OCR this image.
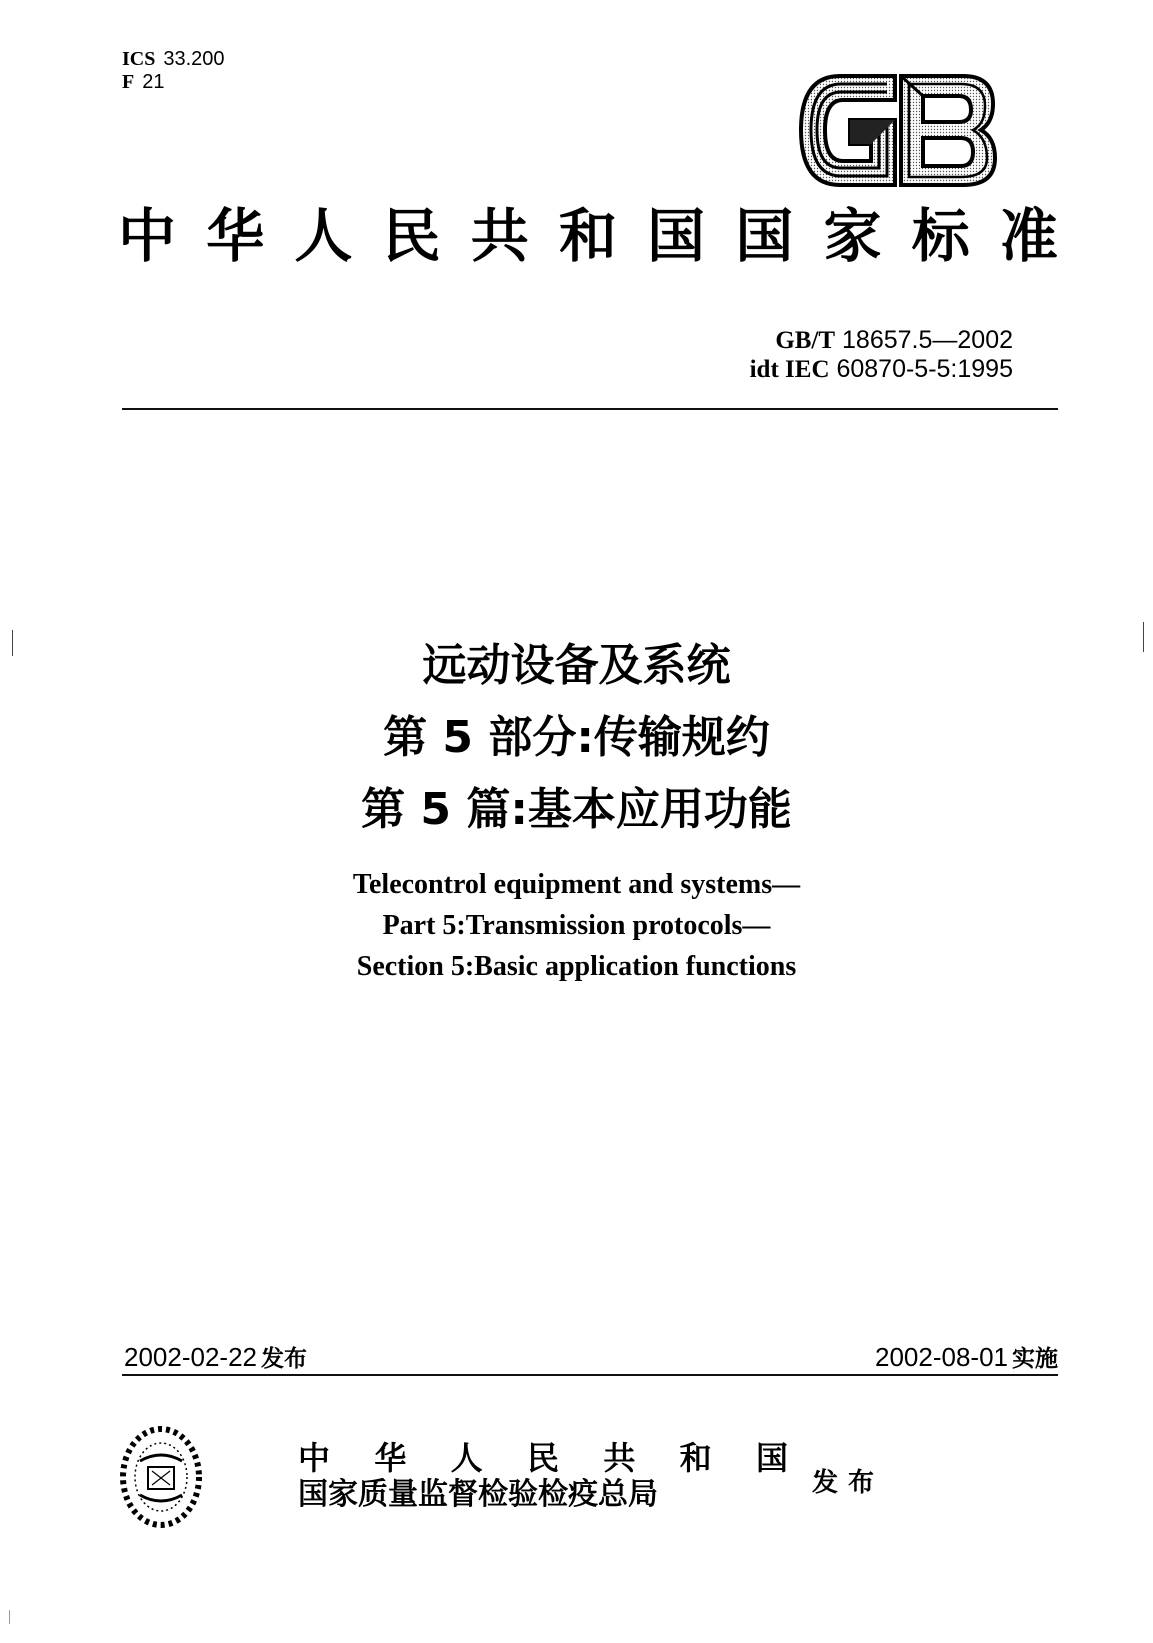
ICS 33.200
F 21
中 华 人 民 共 和 国 国 家 标 准
GB/T 18657.5—2002
idt IEC 60870-5-5:1995
远动设备及系统
第 5 部分:传输规约
第 5 篇:基本应用功能
Telecontrol equipment and systems—
Part 5:Transmission protocols—
Section 5:Basic application functions
2002-02-22 发布	2002-08-01 实施
中 华 人 民 共 和 国
国家质量监督检验检疫总局	发布
